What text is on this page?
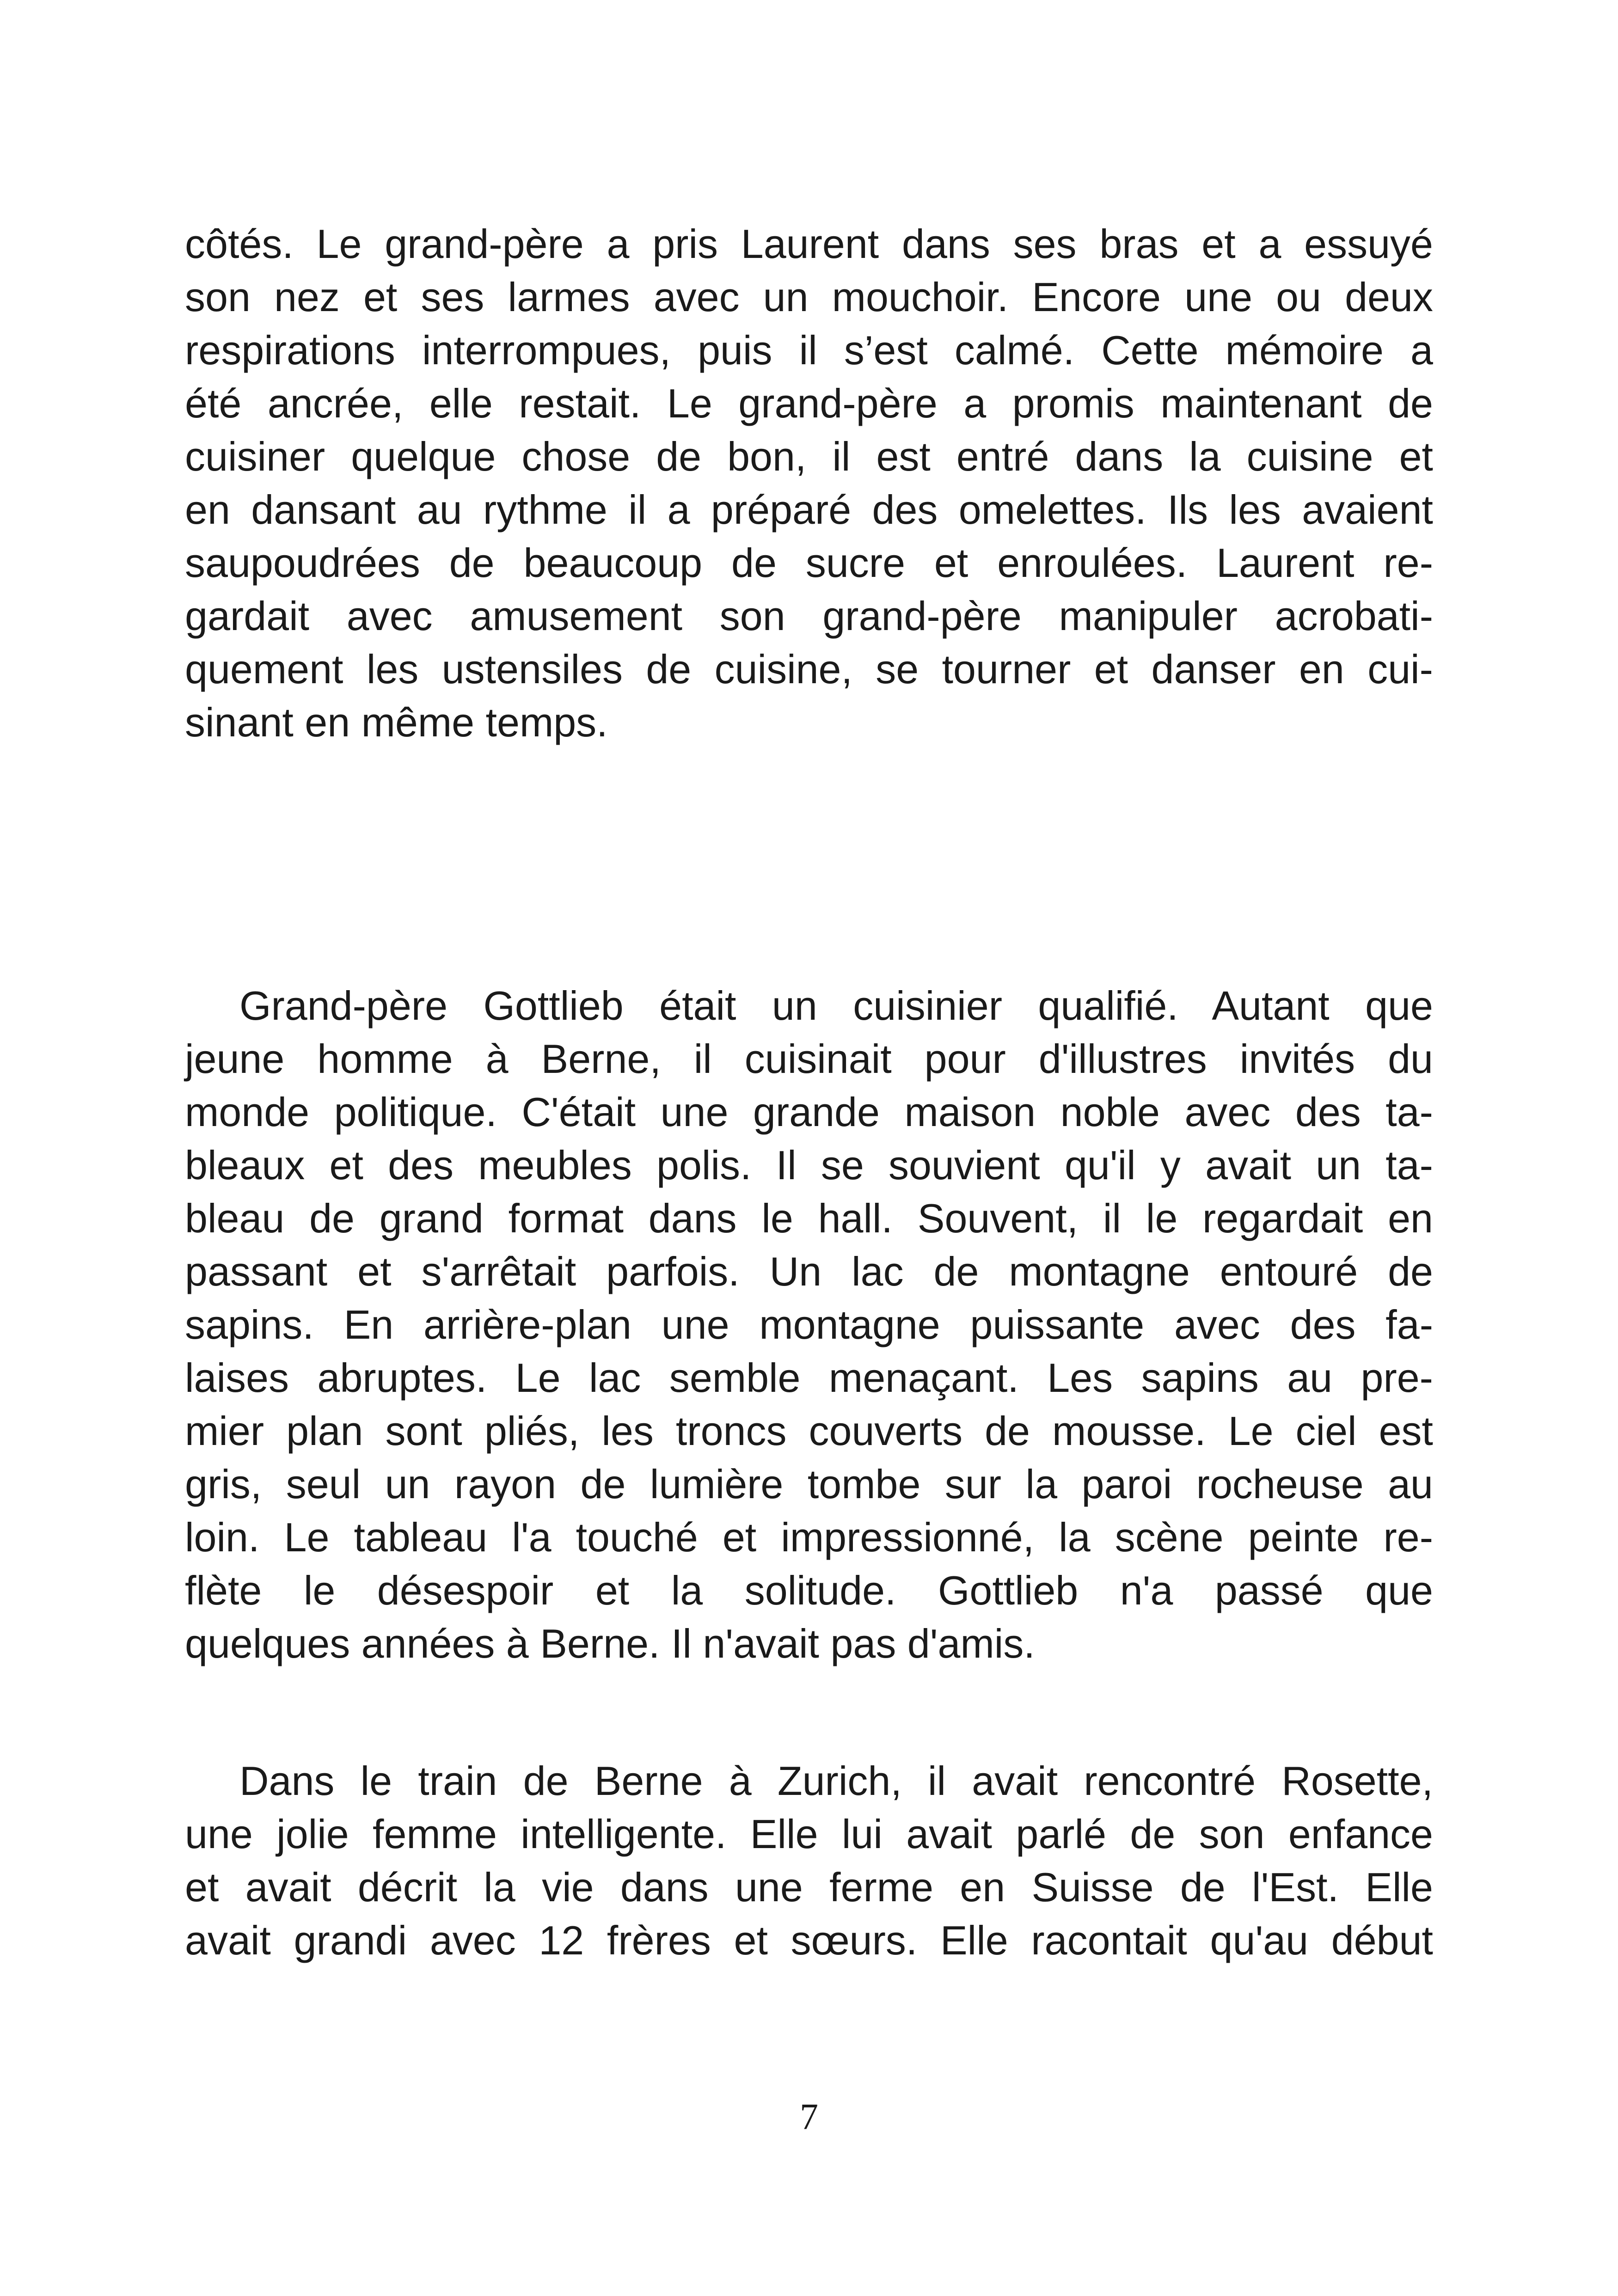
côtés. Le grand-père a pris Laurent dans ses bras et a essuyé
son nez et ses larmes avec un mouchoir. Encore une ou deux
respirations interrompues, puis il s’est calmé. Cette mémoire a
été ancrée, elle restait. Le grand-père a promis maintenant de
cuisiner quelque chose de bon, il est entré dans la cuisine et
en dansant au rythme il a préparé des omelettes. Ils les avaient
saupoudrées de beaucoup de sucre et enroulées. Laurent re-
gardait avec amusement son grand-père manipuler acrobati-
quement les ustensiles de cuisine, se tourner et danser en cui-
sinant en même temps.
Grand-père Gottlieb était un cuisinier qualifié. Autant que
jeune homme à Berne, il cuisinait pour d'illustres invités du
monde politique. C'était une grande maison noble avec des ta-
bleaux et des meubles polis. Il se souvient qu'il y avait un ta-
bleau de grand format dans le hall. Souvent, il le regardait en
passant et s'arrêtait parfois. Un lac de montagne entouré de
sapins. En arrière-plan une montagne puissante avec des fa-
laises abruptes. Le lac semble menaçant. Les sapins au pre-
mier plan sont pliés, les troncs couverts de mousse. Le ciel est
gris, seul un rayon de lumière tombe sur la paroi rocheuse au
loin. Le tableau l'a touché et impressionné, la scène peinte re-
flète le désespoir et la solitude. Gottlieb n'a passé que
quelques années à Berne. Il n'avait pas d'amis.
Dans le train de Berne à Zurich, il avait rencontré Rosette,
une jolie femme intelligente. Elle lui avait parlé de son enfance
et avait décrit la vie dans une ferme en Suisse de l'Est. Elle
avait grandi avec 12 frères et sœurs. Elle racontait qu'au début
7
